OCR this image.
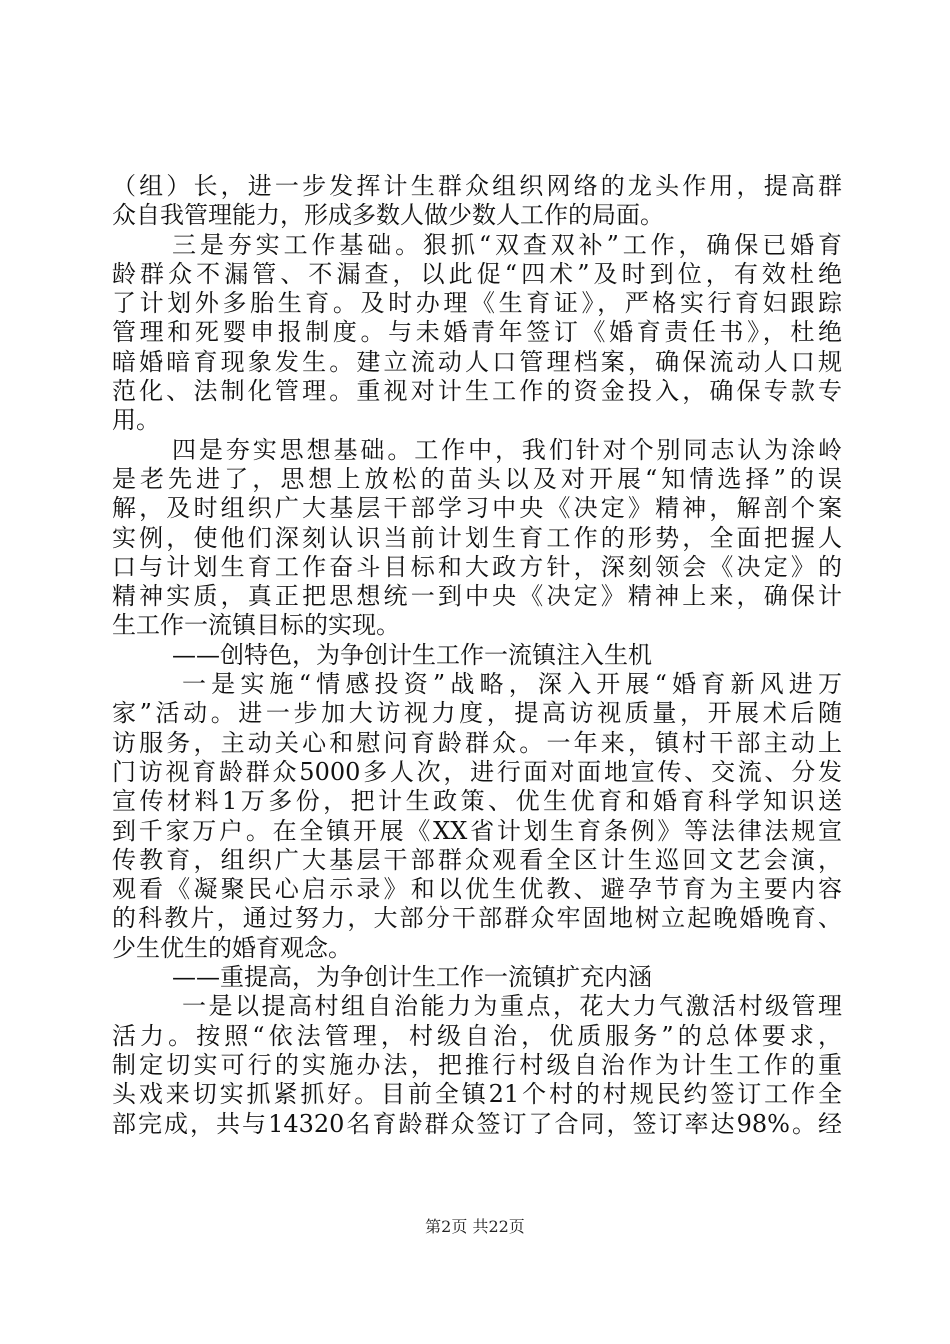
（组）长，进一步发挥计生群众组织网络的龙头作用，提高群
众自我管理能力，形成多数人做少数人工作的局面。
三是夯实工作基础。狠抓“双查双补”工作，确保已婚育
龄群众不漏管、不漏查，以此促“四术”及时到位，有效杜绝
了计划外多胎生育。及时办理《生育证》，严格实行育妇跟踪
管理和死婴申报制度。与未婚青年签订《婚育责任书》，杜绝
暗婚暗育现象发生。建立流动人口管理档案，确保流动人口规
范化、法制化管理。重视对计生工作的资金投入，确保专款专
用。
四是夯实思想基础。工作中，我们针对个别同志认为涂岭
是老先进了，思想上放松的苗头以及对开展“知情选择”的误
解，及时组织广大基层干部学习中央《决定》精神，解剖个案
实例，使他们深刻认识当前计划生育工作的形势，全面把握人
口与计划生育工作奋斗目标和大政方针，深刻领会《决定》的
精神实质，真正把思想统一到中央《决定》精神上来，确保计
生工作一流镇目标的实现。
——创特色，为争创计生工作一流镇注入生机
一是实施“情感投资”战略，深入开展“婚育新风进万
家”活动。进一步加大访视力度，提高访视质量，开展术后随
访服务，主动关心和慰问育龄群众。一年来，镇村干部主动上
门访视育龄群众5000多人次，进行面对面地宣传、交流、分发
宣传材料1万多份，把计生政策、优生优育和婚育科学知识送
到千家万户。在全镇开展《XX省计划生育条例》等法律法规宣
传教育，组织广大基层干部群众观看全区计生巡回文艺会演，
观看《凝聚民心启示录》和以优生优教、避孕节育为主要内容
的科教片，通过努力，大部分干部群众牢固地树立起晚婚晚育、
少生优生的婚育观念。
——重提高，为争创计生工作一流镇扩充内涵
一是以提高村组自治能力为重点，花大力气激活村级管理
活力。按照“依法管理，村级自治，优质服务”的总体要求，
制定切实可行的实施办法，把推行村级自治作为计生工作的重
头戏来切实抓紧抓好。目前全镇21个村的村规民约签订工作全
部完成，共与14320名育龄群众签订了合同，签订率达98%。经
第2页 共22页
